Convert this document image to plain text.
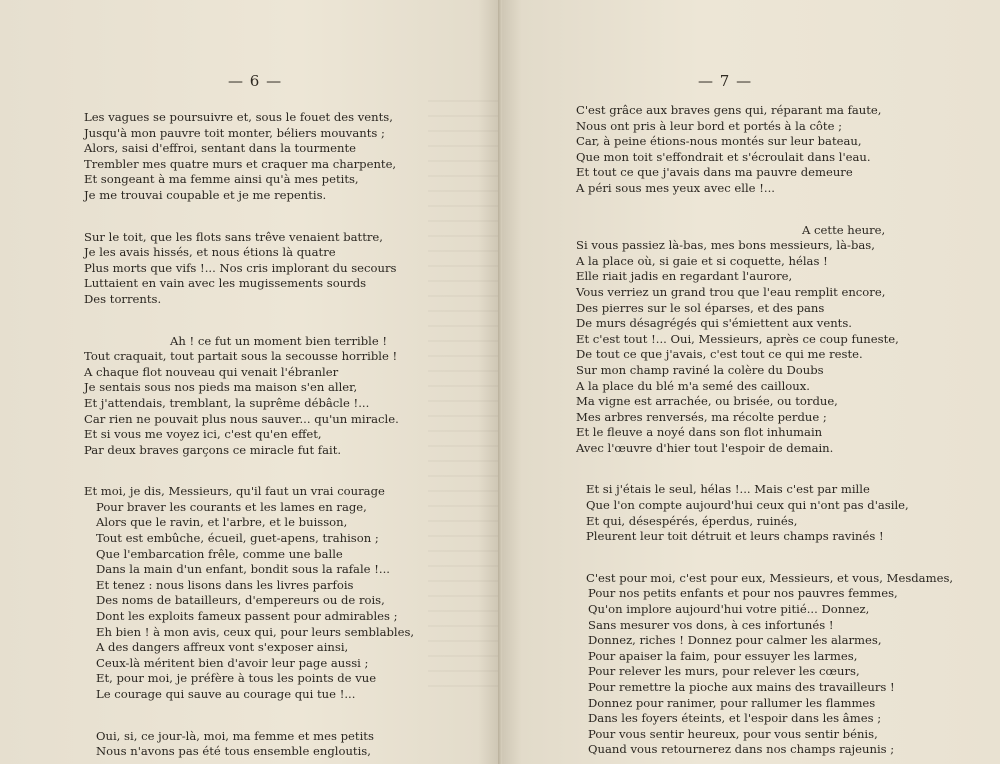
— 6 —
Les vagues se poursuivre et, sous le fouet des vents,
Jusqu'à mon pauvre toit monter, béliers mouvants ;
Alors, saisi d'effroi, sentant dans la tourmente
Trembler mes quatre murs et craquer ma charpente,
Et songeant à ma femme ainsi qu'à mes petits,
Je me trouvai coupable et je me repentis.
Sur le toit, que les flots sans trêve venaient battre,
Je les avais hissés, et nous étions là quatre
Plus morts que vifs !... Nos cris implorant du secours
Luttaient en vain avec les mugissements sourds
Des torrents.
Ah ! ce fut un moment bien terrible !
Tout craquait, tout partait sous la secousse horrible !
A chaque flot nouveau qui venait l'ébranler
Je sentais sous nos pieds ma maison s'en aller,
Et j'attendais, tremblant, la suprême débâcle !...
Car rien ne pouvait plus nous sauver... qu'un miracle.
Et si vous me voyez ici, c'est qu'en effet,
Par deux braves garçons ce miracle fut fait.
Et moi, je dis, Messieurs, qu'il faut un vrai courage
Pour braver les courants et les lames en rage,
Alors que le ravin, et l'arbre, et le buisson,
Tout est embûche, écueil, guet-apens, trahison ;
Que l'embarcation frêle, comme une balle
Dans la main d'un enfant, bondit sous la rafale !...
Et tenez : nous lisons dans les livres parfois
Des noms de batailleurs, d'empereurs ou de rois,
Dont les exploits fameux passent pour admirables ;
Eh bien ! à mon avis, ceux qui, pour leurs semblables,
A des dangers affreux vont s'exposer ainsi,
Ceux-là méritent bien d'avoir leur page aussi ;
Et, pour moi, je préfère à tous les points de vue
Le courage qui sauve au courage qui tue !...
Oui, si, ce jour-là, moi, ma femme et mes petits
Nous n'avons pas été tous ensemble engloutis,
— 7 —
C'est grâce aux braves gens qui, réparant ma faute,
Nous ont pris à leur bord et portés à la côte ;
Car, à peine étions-nous montés sur leur bateau,
Que mon toit s'effondrait et s'écroulait dans l'eau.
Et tout ce que j'avais dans ma pauvre demeure
A péri sous mes yeux avec elle !...
A cette heure,
Si vous passiez là-bas, mes bons messieurs, là-bas,
A la place où, si gaie et si coquette, hélas !
Elle riait jadis en regardant l'aurore,
Vous verriez un grand trou que l'eau remplit encore,
Des pierres sur le sol éparses, et des pans
De murs désagrégés qui s'émiettent aux vents.
Et c'est tout !... Oui, Messieurs, après ce coup funeste,
De tout ce que j'avais, c'est tout ce qui me reste.
Sur mon champ raviné la colère du Doubs
A la place du blé m'a semé des cailloux.
Ma vigne est arrachée, ou brisée, ou tordue,
Mes arbres renversés, ma récolte perdue ;
Et le fleuve a noyé dans son flot inhumain
Avec l'œuvre d'hier tout l'espoir de demain.
Et si j'étais le seul, hélas !... Mais c'est par mille
Que l'on compte aujourd'hui ceux qui n'ont pas d'asile,
Et qui, désespérés, éperdus, ruinés,
Pleurent leur toit détruit et leurs champs ravinés !
C'est pour moi, c'est pour eux, Messieurs, et vous, Mesdames,
Pour nos petits enfants et pour nos pauvres femmes,
Qu'on implore aujourd'hui votre pitié... Donnez,
Sans mesurer vos dons, à ces infortunés !
Donnez, riches ! Donnez pour calmer les alarmes,
Pour apaiser la faim, pour essuyer les larmes,
Pour relever les murs, pour relever les cœurs,
Pour remettre la pioche aux mains des travailleurs !
Donnez pour ranimer, pour rallumer les flammes
Dans les foyers éteints, et l'espoir dans les âmes ;
Pour vous sentir heureux, pour vous sentir bénis,
Quand vous retournerez dans nos champs rajeunis ;
